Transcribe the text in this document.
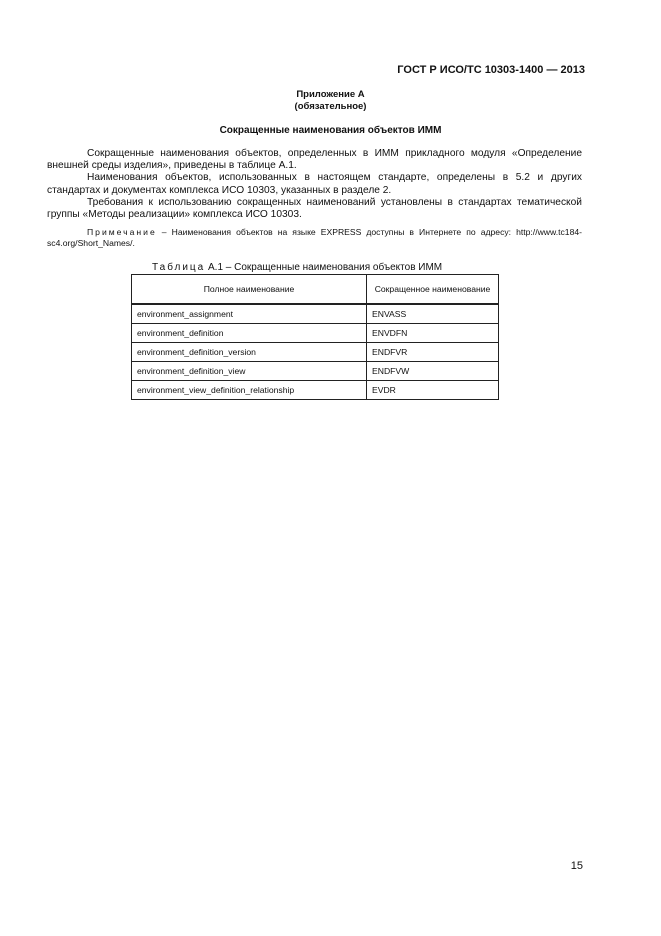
ГОСТ Р ИСО/ТС 10303-1400 — 2013
Приложение А
(обязательное)
Сокращенные наименования объектов ИММ

Сокращенные наименования объектов, определенных в ИММ прикладного модуля «Определение внешней среды изделия», приведены в таблице А.1.

Наименования объектов, использованных в настоящем стандарте, определены в 5.2 и других стандартах и документах комплекса ИСО 10303, указанных в разделе 2.

Требования к использованию сокращенных наименований установлены в стандартах тематической группы «Методы реализации» комплекса ИСО 10303.

Примечание – Наименования объектов на языке EXPRESS доступны в Интернете по адресу: http://www.tc184-sc4.org/Short_Names/.

Таблица А.1 – Сокращенные наименования объектов ИММ
Полное наименование	Сокращенное наименование
environment_assignment	ENVASS
environment_definition	ENVDFN
environment_definition_version	ENDFVR
environment_definition_view	ENDFVW
environment_view_definition_relationship	EVDR
15
